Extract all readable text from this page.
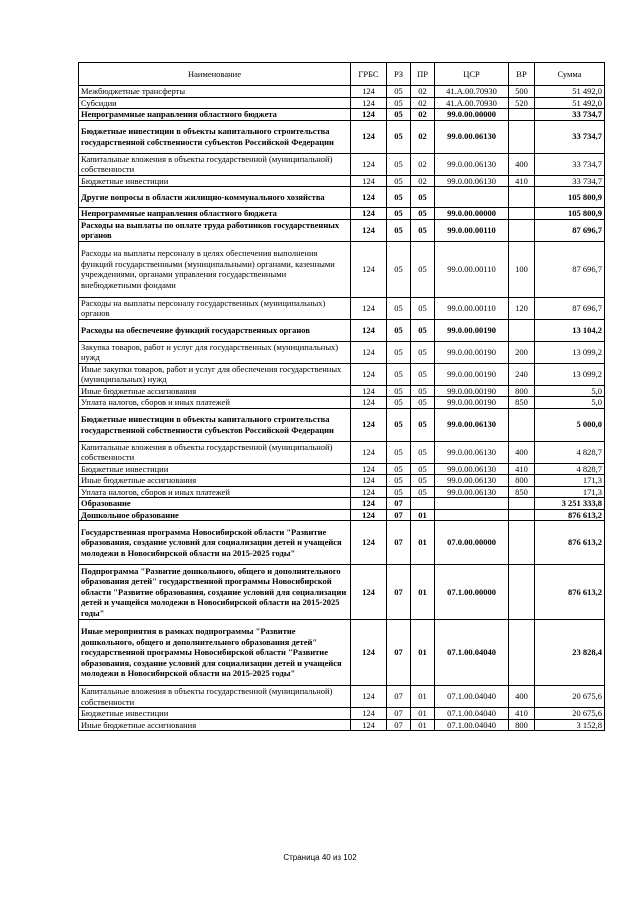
Наименование	ГРБС	РЗ	ПР	ЦСР	ВР	Сумма
Межбюджетные трансферты	124	05	02	41.А.00.70930	500	51 492,0
Субсидии	124	05	02	41.А.00.70930	520	51 492,0
Непрограммные направления областного бюджета	124	05	02	99.0.00.00000		33 734,7
Бюджетные инвестиции в объекты капитального строительства государственной собственности субъектов Российской Федерации	124	05	02	99.0.00.06130		33 734,7
Капитальные вложения в объекты государственной (муниципальной) собственности	124	05	02	99.0.00.06130	400	33 734,7
Бюджетные инвестиции	124	05	02	99.0.00.06130	410	33 734,7
Другие вопросы в области жилищно-коммунального хозяйства	124	05	05			105 800,9
Непрограммные направления областного бюджета	124	05	05	99.0.00.00000		105 800,9
Расходы на выплаты по оплате труда работников государственных органов	124	05	05	99.0.00.00110		87 696,7
Расходы на выплаты персоналу в целях обеспечения выполнения функций государственными (муниципальными) органами, казенными учреждениями, органами управления государственными внебюджетными фондами	124	05	05	99.0.00.00110	100	87 696,7
Расходы на выплаты персоналу государственных (муниципальных) органов	124	05	05	99.0.00.00110	120	87 696,7
Расходы на обеспечение функций государственных органов	124	05	05	99.0.00.00190		13 104,2
Закупка товаров, работ и услуг для государственных (муниципальных) нужд	124	05	05	99.0.00.00190	200	13 099,2
Иные закупки товаров, работ и услуг для обеспечения государственных (муниципальных) нужд	124	05	05	99.0.00.00190	240	13 099,2
Иные бюджетные ассигнования	124	05	05	99.0.00.00190	800	5,0
Уплата налогов, сборов и иных платежей	124	05	05	99.0.00.00190	850	5,0
Бюджетные инвестиции в объекты капитального строительства государственной собственности субъектов Российской Федерации	124	05	05	99.0.00.06130		5 000,0
Капитальные вложения в объекты государственной (муниципальной) собственности	124	05	05	99.0.00.06130	400	4 828,7
Бюджетные инвестиции	124	05	05	99.0.00.06130	410	4 828,7
Иные бюджетные ассигнования	124	05	05	99.0.00.06130	800	171,3
Уплата налогов, сборов и иных платежей	124	05	05	99.0.00.06130	850	171,3
Образование	124	07				3 251 333,8
Дошкольное образование	124	07	01			876 613,2
Государственная программа Новосибирской области "Развитие образования, создание условий для социализации детей и учащейся молодежи в Новосибирской области на 2015-2025 годы"	124	07	01	07.0.00.00000		876 613,2
Подпрограмма "Развитие дошкольного, общего и дополнительного образования детей" государственной программы Новосибирской области "Развитие образования, создание условий для социализации детей и учащейся молодежи в Новосибирской области на 2015-2025 годы"	124	07	01	07.1.00.00000		876 613,2
Иные мероприятия в рамках подпрограммы "Развитие дошкольного, общего и дополнительного образования детей" государственной программы Новосибирской области "Развитие образования, создание условий для социализации детей и учащейся молодежи в Новосибирской области на 2015-2025 годы"	124	07	01	07.1.00.04040		23 828,4
Капитальные вложения в объекты государственной (муниципальной) собственности	124	07	01	07.1.00.04040	400	20 675,6
Бюджетные инвестиции	124	07	01	07.1.00.04040	410	20 675,6
Иные бюджетные ассигнования	124	07	01	07.1.00.04040	800	3 152,8
Страница 40 из 102
